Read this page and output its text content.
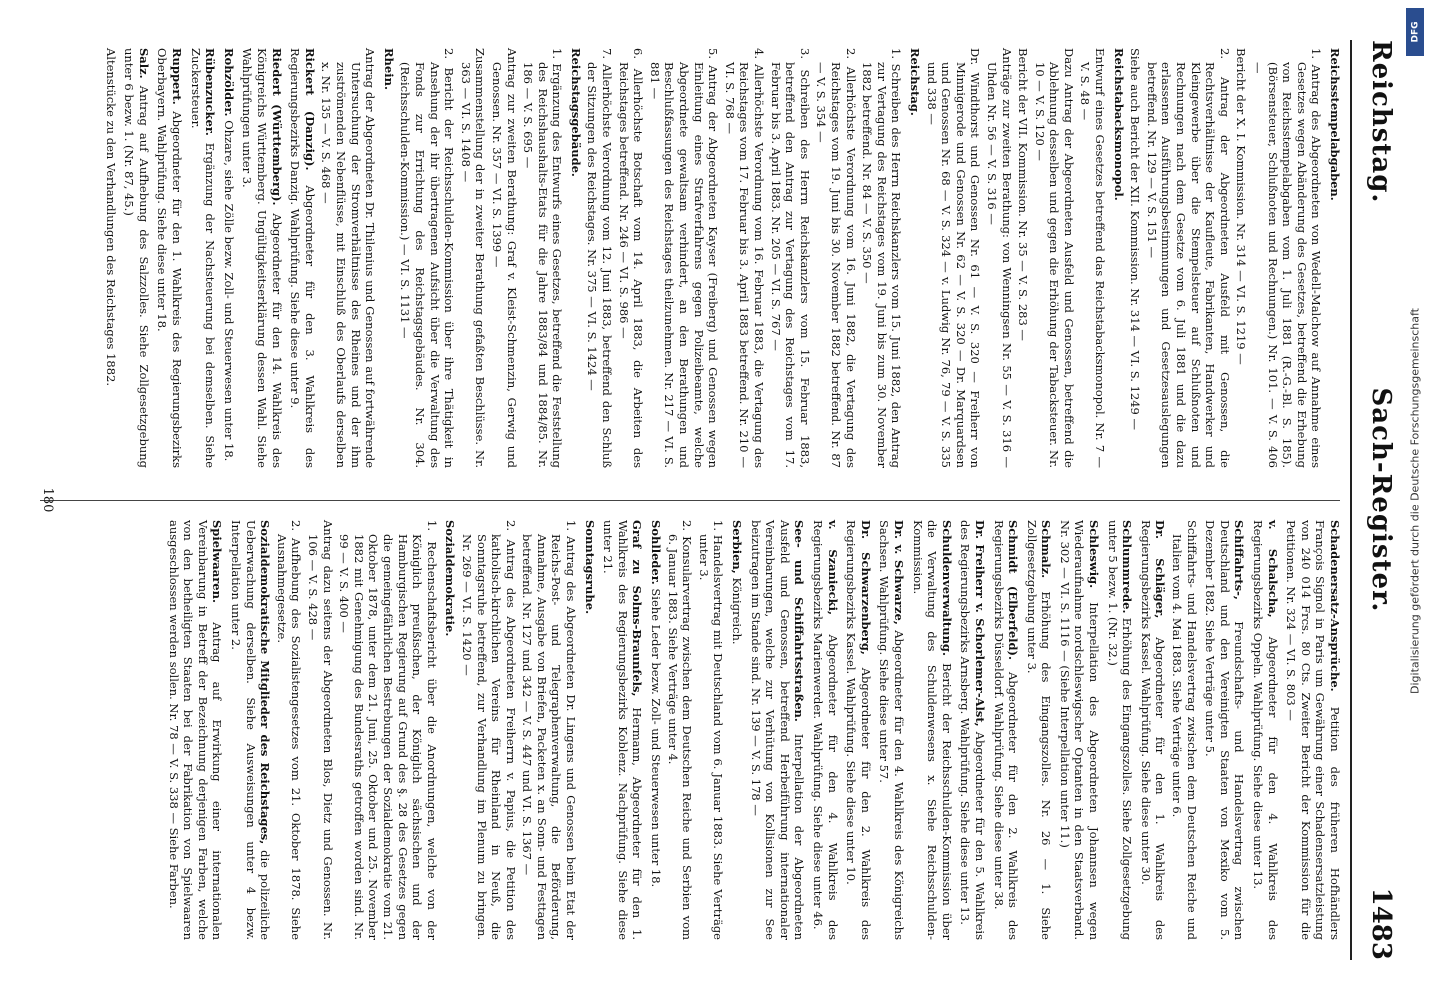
Reichstag.
Sach-Register.
1483
Reichsstempelabgaben.
1. Antrag des Abgeordneten von Wedell-Malchow auf Annahme eines Gesetzes wegen Abänderung des Gesetzes, betreffend die Erhebung von Reichsstempelabgaben vom 1. Juli 1881 (R.-G.-Bl. S. 185). (Börsensteuer, Schlußnoten und Rechnungen.) Nr. 101. — V. S. 406 —
Bericht der X. I. Kommission. Nr. 314 — VI. S. 1219 —
2. Antrag der Abgeordneten Ausfeld mit Genossen, die Rechtsverhältnisse der Kaufleute, Fabrikanten, Handwerker und Kleingewerbe über die Stempelsteuer auf Schlußnoten und Rechnungen nach dem Gesetze vom 6. Juli 1881 und die dazu erlassenen Ausführungsbestimmungen und Gesetzesauslegungen betreffend. Nr. 129 — V. S. 151 —
Siehe auch Bericht der XII. Kommission. Nr. 314 — VI. S. 1249 —
Reichstabacksmonopol.
Entwurf eines Gesetzes betreffend das Reichstabacksmonopol. Nr. 7 — V. S. 48 —
Dazu Antrag der Abgeordneten Ausfeld und Genossen, betreffend die Ablehnung desselben und gegen die Erhöhung der Tabacksteuer. Nr. 10 — V. S. 120 —
Bericht der VII. Kommission. Nr. 35 — V. S. 283 —
Anträge zur zweiten Berathung: von Wenningsen Nr. 55 — V. S. 316 — Uhden Nr. 56 — V. S. 316 —
Dr. Windthorst und Genossen Nr. 61 — V. S. 320 — Freiherr von Minnigerode und Genossen Nr. 62 — V. S. 320 — Dr. Marquardsen und Genossen Nr. 68 — V. S. 324 — v. Ludwig Nr. 76, 79 — V. S. 335 und 338 —
Reichstag.
1. Schreiben des Herrn Reichskanzlers vom 15. Juni 1882, den Antrag zur Vertagung des Reichstages vom 19. Juni bis zum 30. November 1882 betreffend. Nr. 84 — V. S. 350 —
2. Allerhöchste Verordnung vom 16. Juni 1882, die Vertagung des Reichstages vom 19. Juni bis 30. November 1882 betreffend. Nr. 87 — V. S. 354 —
3. Schreiben des Herrn Reichskanzlers vom 15. Februar 1883, betreffend den Antrag zur Vertagung des Reichstages vom 17. Februar bis 3. April 1883. Nr. 205 — VI. S. 767 —
4. Allerhöchste Verordnung vom 16. Februar 1883, die Vertagung des Reichstages vom 17. Februar bis 3. April 1883 betreffend. Nr. 210 — VI. S. 768 —
5. Antrag der Abgeordneten Kayser (Freiberg) und Genossen wegen Einleitung eines Strafverfahrens gegen Polizeibeamte, welche Abgeordnete gewaltsam verhindert, an den Berathungen und Beschlußfassungen des Reichstages theilzunehmen. Nr. 217 — VI. S. 881 —
6. Allerhöchste Botschaft vom 14. April 1883, die Arbeiten des Reichstages betreffend. Nr. 246 — VI. S. 986 —
7. Allerhöchste Verordnung vom 12. Juni 1883, betreffend den Schluß der Sitzungen des Reichstages. Nr. 375 — VI. S. 1424 —
Reichstagsgebäude.
1. Ergänzung des Entwurfs eines Gesetzes, betreffend die Feststellung des Reichshaushalts-Etats für die Jahre 1883/84 und 1884/85. Nr. 186 — V. S. 695 —
Antrag zur zweiten Berathung: Graf v. Kleist-Schmenzin, Gerwig und Genossen. Nr. 357 — VI. S. 1399 —
Zusammenstellung der in zweiter Berathung gefaßten Beschlüsse. Nr. 363 — VI. S. 1408 —
2. Bericht der Reichsschulden-Kommission über ihre Thätigkeit in Ansehung der ihr übertragenen Aufsicht über die Verwaltung des Fonds zur Errichtung des Reichstagsgebäudes. Nr. 304. (Reichsschulden-Kommission.) — VI. S. 1131 —
Rhein.
Antrag der Abgeordneten Dr. Thilenius und Genossen auf fortwährende Untersuchung der Stromverhältnisse des Rheines und der ihm zuströmenden Nebenflüsse, mit Einschluß des Oberlaufs derselben x. Nr. 135 — V. S. 468 —
Rickert (Danzig). Abgeordneter für den 3. Wahlkreis des Regierungsbezirks Danzig. Wahlprüfung. Siehe diese unter 9.
Riedert (Württemberg). Abgeordneter für den 14. Wahlkreis des Königreichs Württemberg. Ungültigkeitserklärung dessen Wahl. Siehe Wahlprüfungen unter 3.
Rohzölder. Ohzare, siehe Zölle bezw. Zoll- und Steuerwesen unter 18.
Rübenzucker. Ergänzung der Nachsteuerung bei demselben. Siehe Zuckersteuer.
Ruppert. Abgeordneter für den 1. Wahlkreis des Regierungsbezirks Oberbayern. Wahlprüfung. Siehe diese unter 18.
Salz. Antrag auf Aufhebung des Salzzolles. Siehe Zollgesetzgebung unter 6 bezw. 1. (Nr. 87, 45.)
Altenstücke zu den Verhandlungen des Reichstages 1882.
Schadenersatz-Ansprüche. Petition des früheren Hofhändlers François Signol in Paris um Gewährung einer Schadensersatzleistung von 240 014 Frcs. 80 Cts. Zweiter Bericht der Kommission für die Petitionen. Nr. 324 — VI. S. 803 —
v. Schalscha, Abgeordneter für den 4. Wahlkreis des Regierungsbezirks Oppeln. Wahlprüfung. Siehe diese unter 13.
Schiffahrts-, Freundschafts- und Handelsvertrag zwischen Deutschland und den Vereinigten Staaten von Mexiko vom 5. Dezember 1882. Siehe Verträge unter 5.
Schiffahrts- und Handelsvertrag zwischen dem Deutschen Reiche und Italien vom 4. Mai 1883. Siehe Verträge unter 6.
Dr. Schläger, Abgeordneter für den 1. Wahlkreis des Regierungsbezirks Kassel. Wahlprüfung. Siehe diese unter 30.
Schlummrede. Erhöhung des Eingangszolles. Siehe Zollgesetzgebung unter 5 bezw. 1. (Nr. 32.)
Schleswig. Interpellation des Abgeordneten Johannsen wegen Wiederaufnahme nordschleswigscher Optanten in den Staatsverband. Nr. 302 — VI. S. 1116 — (Siehe Interpellation unter 11.)
Schmalz. Erhöhung des Eingangszolles. Nr. 26 — 1. Siehe Zollgesetzgebung unter 3.
Schmidt (Elberfeld). Abgeordneter für den 2. Wahlkreis des Regierungsbezirks Düsseldorf. Wahlprüfung. Siehe diese unter 38.
Dr. Freiherr v. Schorlemer-Alst, Abgeordneter für den 5. Wahlkreis des Regierungsbezirks Arnsberg. Wahlprüfung. Siehe diese unter 13.
Schuldenverwaltung. Bericht der Reichsschulden-Kommission über die Verwaltung des Schuldenwesens x. Siehe Reichsschulden-Kommission.
Dr. v. Schwarze, Abgeordneter für den 4. Wahlkreis des Königreichs Sachsen. Wahlprüfung. Siehe diese unter 57.
Dr. Schwarzenberg, Abgeordneter für den 2. Wahlkreis des Regierungsbezirks Kassel. Wahlprüfung. Siehe diese unter 10.
v. Szaniecki, Abgeordneter für den 4. Wahlkreis des Regierungsbezirks Marienwerder. Wahlprüfung. Siehe diese unter 46.
See- und Schiffahrtsstraßen. Interpellation der Abgeordneten Ausfeld und Genossen, betreffend Herbeiführung internationaler Vereinbarungen, welche zur Verhütung von Kollisionen zur See beizutragen im Stande sind. Nr. 139 — V. S. 178 —
Serbien, Königreich.
1. Handelsvertrag mit Deutschland vom 6. Januar 1883. Siehe Verträge unter 3.
2. Konsularvertrag zwischen dem Deutschen Reiche und Serbien vom 6. Januar 1883. Siehe Verträge unter 4.
Sohlleder. Siehe Leder bezw. Zoll- und Steuerwesen unter 18.
Graf zu Solms-Braunfels, Hermann, Abgeordneter für den 1. Wahlkreis des Regierungsbezirks Koblenz. Nachprüfung. Siehe diese unter 21.
Sonntagsruhe.
1. Antrag des Abgeordneten Dr. Lingens und Genossen beim Etat der Reichs-Post- und Telegraphenverwaltung, die Beförderung, Annahme, Ausgabe von Briefen, Packeten x. an Sonn- und Festtagen betreffend. Nr. 127 und 342 — V. S. 447 und VI. S. 1367 —
2. Antrag des Abgeordneten Freiherrn v. Papius, die Petition des katholisch-kirchlichen Vereins für Rheinland in Neuß, die Sonntagsruhe betreffend, zur Verhandlung im Plenum zu bringen. Nr. 269 — VI. S. 1420 —
Sozialdemokratie.
1. Rechenschaftsbericht über die Anordnungen, welche von der Königlich preußischen, der Königlich sächsischen und der Hamburgischen Regierung auf Grund des §. 28 des Gesetzes gegen die gemeingefährlichen Bestrebungen der Sozialdemokratie vom 21. Oktober 1878, unter dem 21. Juni, 25. Oktober und 25. November 1882 mit Genehmigung des Bundesraths getroffen worden sind. Nr. 99 — V. S. 400 —
Antrag dazu seitens der Abgeordneten Blos, Dietz und Genossen. Nr. 106 — V. S. 428 —
2. Aufhebung des Sozialistengesetzes vom 21. Oktober 1878. Siehe Ausnahmegesetze.
Sozialdemokratische Mitglieder des Reichstages, die polizeiliche Ueberwachung derselben. Siehe Ausweisungen unter 4 bezw. Interpellation unter 2.
Spielwaaren. Antrag auf Erwirkung einer internationalen Vereinbarung in Betreff der Bezeichnung derjenigen Farben, welche von den betheiligten Staaten bei der Fabrikation von Spielwaaren ausgeschlossen werden sollen. Nr. 78 — V. S. 338 — Siehe Farben.
180
DFG
Digitalisierung gefördert durch die Deutsche Forschungsgemeinschaft
